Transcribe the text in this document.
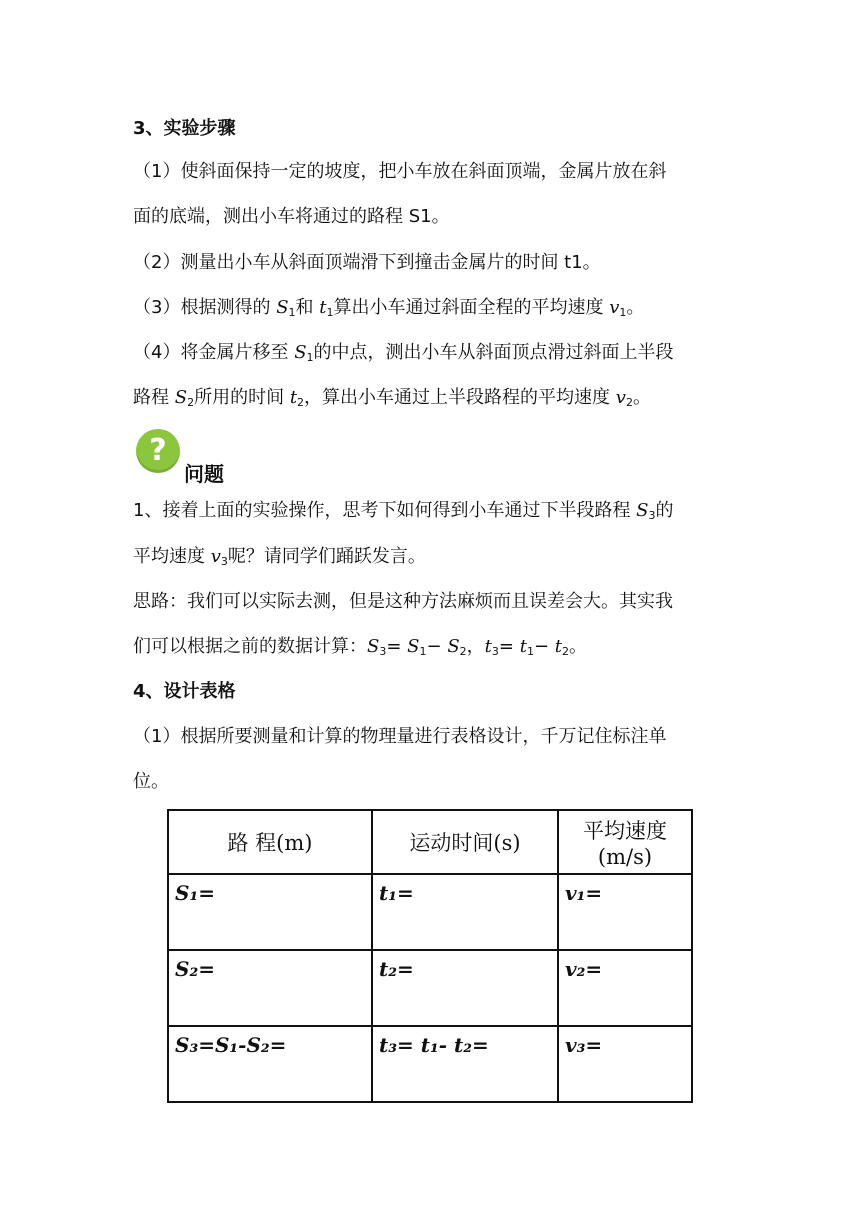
3、实验步骤
（1）使斜面保持一定的坡度，把小车放在斜面顶端，金属片放在斜
面的底端，测出小车将通过的路程 S1。
（2）测量出小车从斜面顶端滑下到撞击金属片的时间 t1。
（3）根据测得的 $S_1$和 $t_1$算出小车通过斜面全程的平均速度 $v_1$。
（4）将金属片移至 $S_1$的中点，测出小车从斜面顶点滑过斜面上半段
路程 $S_2$所用的时间 $t_2$，算出小车通过上半段路程的平均速度 $v_2$。
?
问题
1、接着上面的实验操作，思考下如何得到小车通过下半段路程 $S_3$的
平均速度 $v_3$呢？请同学们踊跃发言。
思路：我们可以实际去测，但是这种方法麻烦而且误差会大。其实我
们可以根据之前的数据计算：$S_3= S_1- S_2$，$t_3= t_1- t_2$。
4、设计表格
（1）根据所要测量和计算的物理量进行表格设计，千万记住标注单
位。
路 程(m)	运动时间(s)	平均速度(m/s)
S₁=	t₁=	v₁=
S₂=	t₂=	v₂=
S₃=S₁-S₂=	t₃= t₁- t₂=	v₃=
